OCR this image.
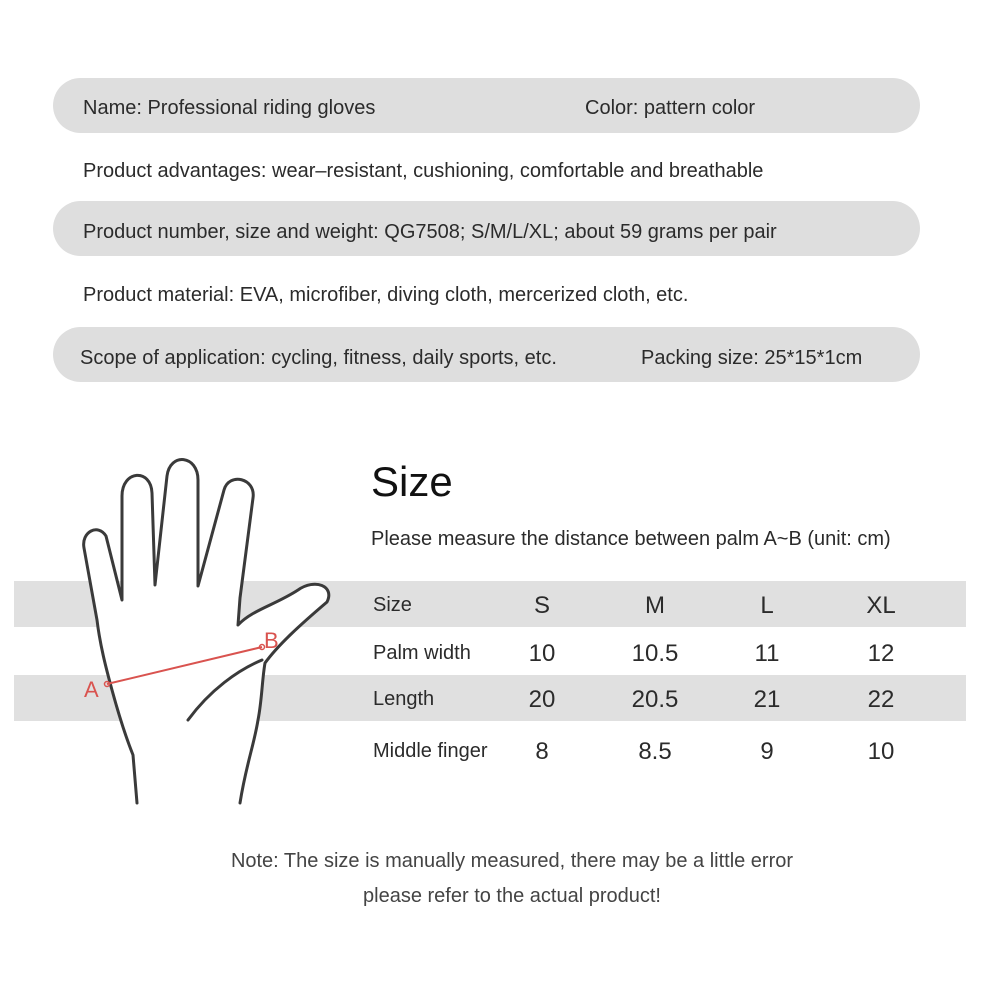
Name: Professional riding gloves	Color: pattern color
Product advantages: wear–resistant, cushioning, comfortable and breathable
Product number, size and weight: QG7508; S/M/L/XL; about 59 grams per pair
Product material: EVA, microfiber, diving cloth, mercerized cloth, etc.
Scope of application: cycling, fitness, daily sports, etc.	Packing size: 25*15*1cm
A
B
Size
Please measure the distance between palm A~B (unit: cm)
Size	S	M	L	XL
Palm width	10	10.5	11	12
Length	20	20.5	21	22
Middle finger	8	8.5	9	10
Note: The size is manually measured, there may be a little error
please refer to the actual product!
